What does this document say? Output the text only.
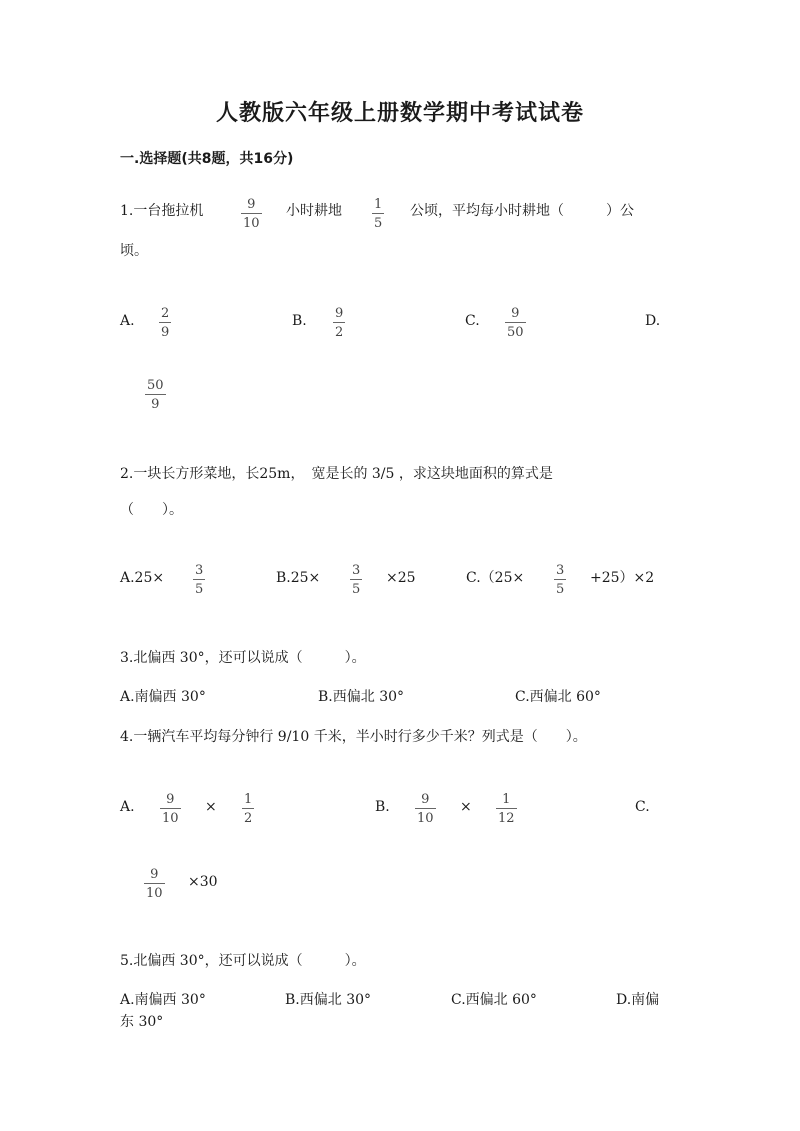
人教版六年级上册数学期中考试试卷
一.选择题(共8题，共16分)
1.一台拖拉机	9
10
小时耕地 1
5
公顷，平均每小时耕地（　　　）公
顷。
A. 2
9
B. 9
2
C. 9
50
D.
50
9
2.一块长方形菜地，长25m，　宽是长的 3/5 ，求这块地面积的算式是
（　　）。
A.25× 3
5
B.25× 3
5
×25	C.（25× 3
5
+25）×2
3.北偏西 30°，还可以说成（　　　）。
A.南偏西 30°	B.西偏北 30°	C.西偏北 60°
4.一辆汽车平均每分钟行 9/10 千米，半小时行多少千米？列式是（　　）。
A. 9
10
× 1
2
B. 9
10
× 1
12
C.
9
10
×30
5.北偏西 30°，还可以说成（　　　）。
A.南偏西 30°	B.西偏北 30°	C.西偏北 60°	D.南偏
东 30°
